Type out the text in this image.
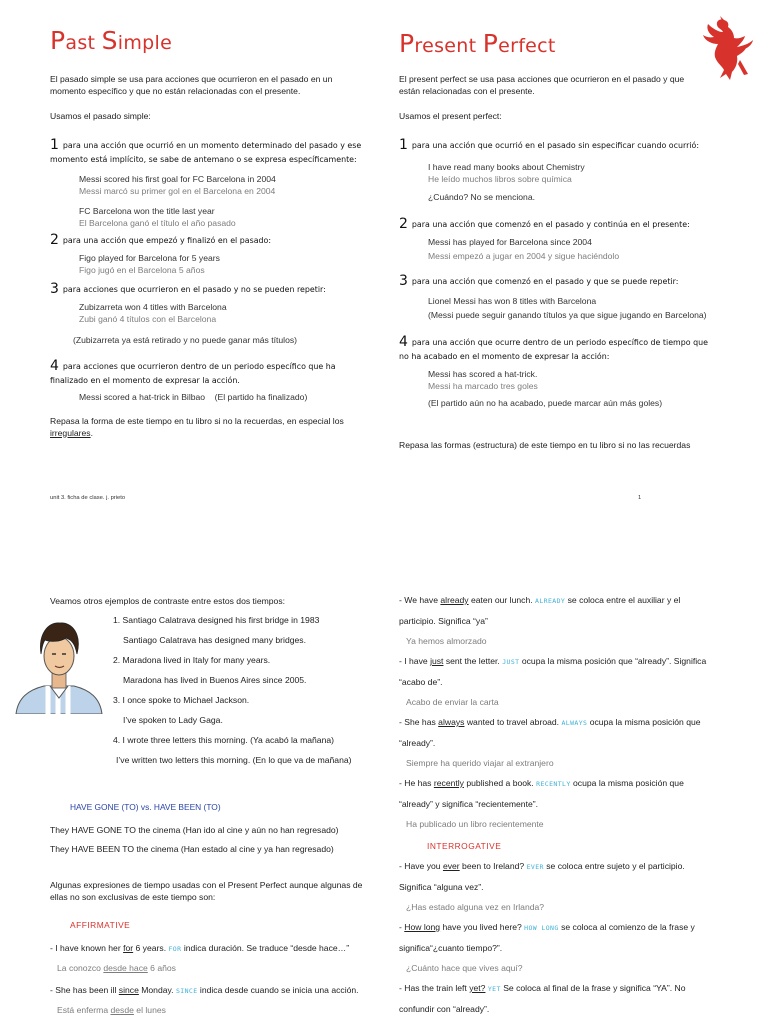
Past Simple

El pasado simple se usa para acciones que ocurrieron en el pasado en un momento específico y que no están relacionadas con el presente.

Usamos el pasado simple:

1 para una acción que ocurrió en un momento determinado del pasado y ese momento está implícito, se sabe de antemano o se expresa específicamente:

Messi scored his first goal for FC Barcelona in 2004

Messi marcó su primer gol en el Barcelona en 2004

FC Barcelona won the title last year

El Barcelona ganó el título el año pasado

2 para una acción que empezó y finalizó en el pasado:

Figo played for Barcelona for 5 years

Figo jugó en el Barcelona 5 años

3 para acciones que ocurrieron en el pasado y no se pueden repetir:

Zubizarreta won 4 titles with Barcelona

Zubi ganó 4 títulos con el Barcelona

(Zubizarreta ya está retirado y no puede ganar más títulos)

4 para acciones que ocurrieron dentro de un periodo específico que ha finalizado en el momento de expresar la acción.

Messi scored a hat-trick in Bilbao (El partido ha finalizado)

Repasa la forma de este tiempo en tu libro si no la recuerdas, en especial los irregulares.

Present Perfect

El present perfect se usa pasa acciones que ocurrieron en el pasado y que están relacionadas con el presente.

Usamos el present perfect:

1 para una acción que ocurrió en el pasado sin especificar cuando ocurrió:

I have read many books about Chemistry

He leído muchos libros sobre química

¿Cuándo? No se menciona.

2 para una acción que comenzó en el pasado y continúa en el presente:

Messi has played for Barcelona since 2004

Messi empezó a jugar en 2004 y sigue haciéndolo

3 para una acción que comenzó en el pasado y que se puede repetir:

Lionel Messi has won 8 titles with Barcelona

(Messi puede seguir ganando títulos ya que sigue jugando en Barcelona)

4 para una acción que ocurre dentro de un periodo específico de tiempo que no ha acabado en el momento de expresar la acción:

Messi has scored a hat-trick.

Messi ha marcado tres goles

(El partido aún no ha acabado, puede marcar aún más goles)

Repasa las formas (estructura) de este tiempo en tu libro si no las recuerdas

unit 3. ficha de clase. j. prieto	1

Veamos otros ejemplos de contraste entre estos dos tiempos:

1. Santiago Calatrava designed his first bridge in 1983

Santiago Calatrava has designed many bridges.

2. Maradona lived in Italy for many years.

Maradona has lived in Buenos Aires since 2005.

3. I once spoke to Michael Jackson.

I’ve spoken to Lady Gaga.

4. I wrote three letters this morning. (Ya acabó la mañana)

I’ve written two letters this morning. (En lo que va de mañana)

HAVE GONE (TO) vs. HAVE BEEN (TO)

They HAVE GONE TO the cinema (Han ido al cine y aún no han regresado)

They HAVE BEEN TO the cinema (Han estado al cine y ya han regresado)

Algunas expresiones de tiempo usadas con el Present Perfect aunque algunas de ellas no son exclusivas de este tiempo son:

AFFIRMATIVE

- I have known her for 6 years. FOR indica duración. Se traduce “desde hace…”

La conozco desde hace 6 años

- She has been ill since Monday. SINCE indica desde cuando se inicia una acción.

Está enferma desde el lunes

- We have already eaten our lunch. ALREADY se coloca entre el auxiliar y el participio. Significa “ya”

Ya hemos almorzado

- I have just sent the letter. JUST ocupa la misma posición que “already”. Significa “acabo de”.

Acabo de enviar la carta

- She has always wanted to travel abroad. ALWAYS ocupa la misma posición que “already”.

Siempre ha querido viajar al extranjero

- He has recently published a book. RECENTLY ocupa la misma posición que “already” y significa “recientemente”.

Ha publicado un libro recientemente

INTERROGATIVE

- Have you ever been to Ireland? EVER se coloca entre sujeto y el participio. Significa “alguna vez”.

¿Has estado alguna vez en Irlanda?

- How long have you lived here? HOW LONG se coloca al comienzo de la frase y significa“¿cuanto tiempo?”.

¿Cuánto hace que vives aquí?

- Has the train left yet? YET Se coloca al final de la frase y significa “YA”. No confundir con “already”.
